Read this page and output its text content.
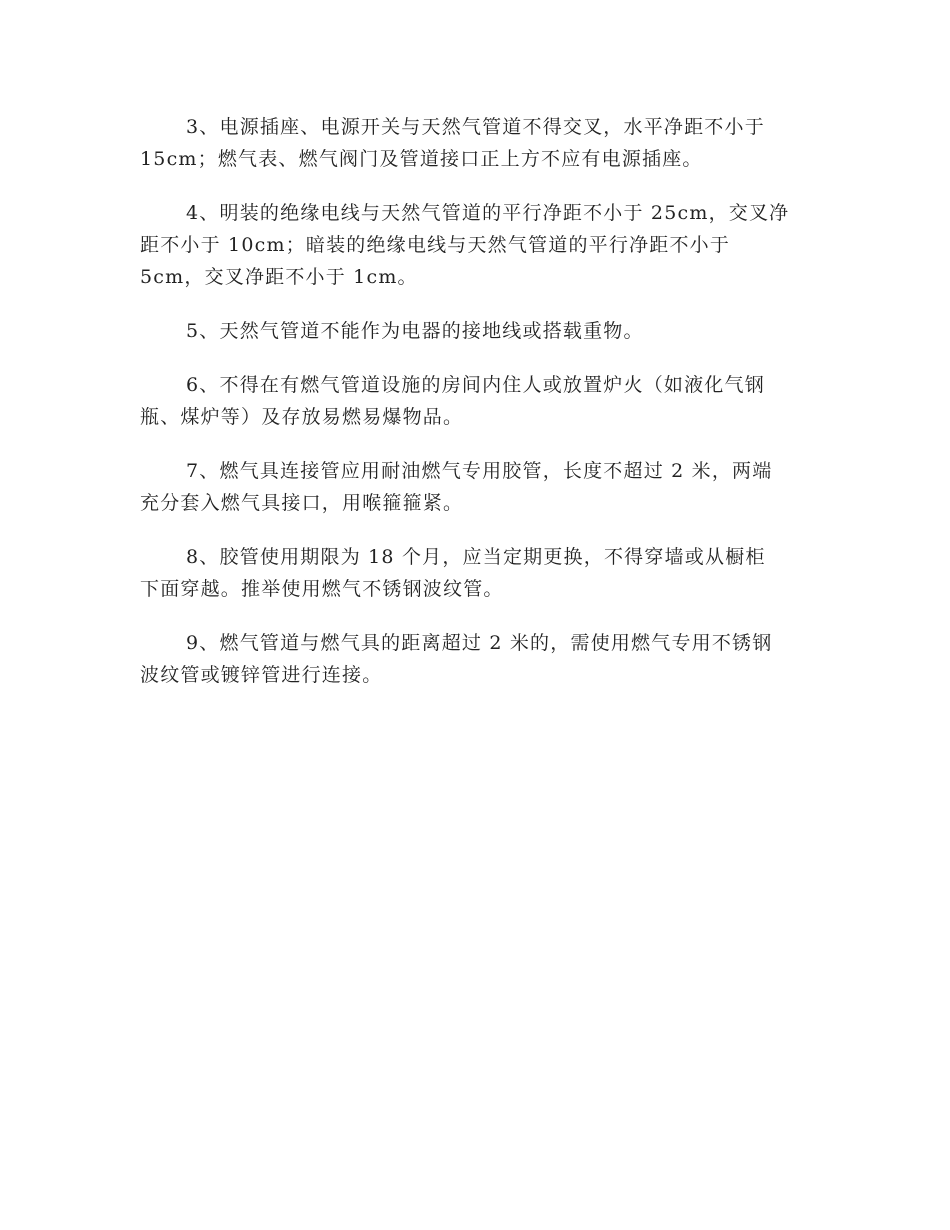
3、电源插座、电源开关与天然气管道不得交叉，水平净距不小于
15cm；燃气表、燃气阀门及管道接口正上方不应有电源插座。

4、明装的绝缘电线与天然气管道的平行净距不小于 25cm，交叉净
距不小于 10cm；暗装的绝缘电线与天然气管道的平行净距不小于
5cm，交叉净距不小于 1cm。

5、天然气管道不能作为电器的接地线或搭载重物。

6、不得在有燃气管道设施的房间内住人或放置炉火（如液化气钢
瓶、煤炉等）及存放易燃易爆物品。

7、燃气具连接管应用耐油燃气专用胶管，长度不超过 2 米，两端
充分套入燃气具接口，用喉箍箍紧。

8、胶管使用期限为 18 个月，应当定期更换，不得穿墙或从橱柜
下面穿越。推举使用燃气不锈钢波纹管。

9、燃气管道与燃气具的距离超过 2 米的，需使用燃气专用不锈钢
波纹管或镀锌管进行连接。
